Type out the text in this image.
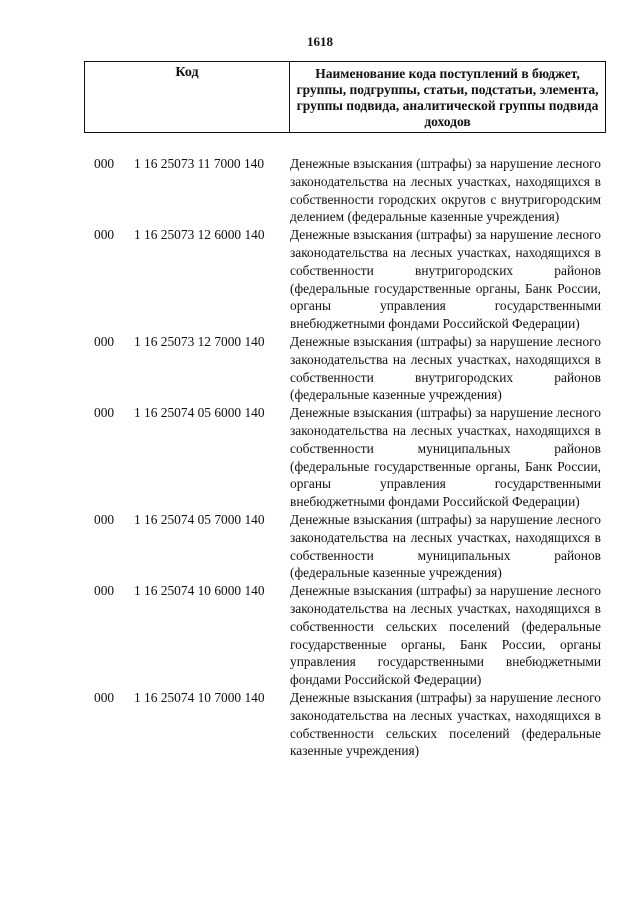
1618
Код	Наименование кода поступлений в бюджет, группы, подгруппы, статьи, подстатьи, элемента, группы подвида, аналитической группы подвида доходов
000	1 16 25073 11 7000 140	Денежные взыскания (штрафы) за нарушение лесного законодательства на лесных участках, находящихся в собственности городских округов с внутригородским делением (федеральные казенные учреждения)
000	1 16 25073 12 6000 140	Денежные взыскания (штрафы) за нарушение лесного законодательства на лесных участках, находящихся в собственности внутригородских районов (федеральные государственные органы, Банк России, органы управления государственными внебюджетными фондами Российской Федерации)
000	1 16 25073 12 7000 140	Денежные взыскания (штрафы) за нарушение лесного законодательства на лесных участках, находящихся в собственности внутригородских районов (федеральные казенные учреждения)
000	1 16 25074 05 6000 140	Денежные взыскания (штрафы) за нарушение лесного законодательства на лесных участках, находящихся в собственности муниципальных районов (федеральные государственные органы, Банк России, органы управления государственными внебюджетными фондами Российской Федерации)
000	1 16 25074 05 7000 140	Денежные взыскания (штрафы) за нарушение лесного законодательства на лесных участках, находящихся в собственности муниципальных районов (федеральные казенные учреждения)
000	1 16 25074 10 6000 140	Денежные взыскания (штрафы) за нарушение лесного законодательства на лесных участках, находящихся в собственности сельских поселений (федеральные государственные органы, Банк России, органы управления государственными внебюджетными фондами Российской Федерации)
000	1 16 25074 10 7000 140	Денежные взыскания (штрафы) за нарушение лесного законодательства на лесных участках, находящихся в собственности сельских поселений (федеральные казенные учреждения)
